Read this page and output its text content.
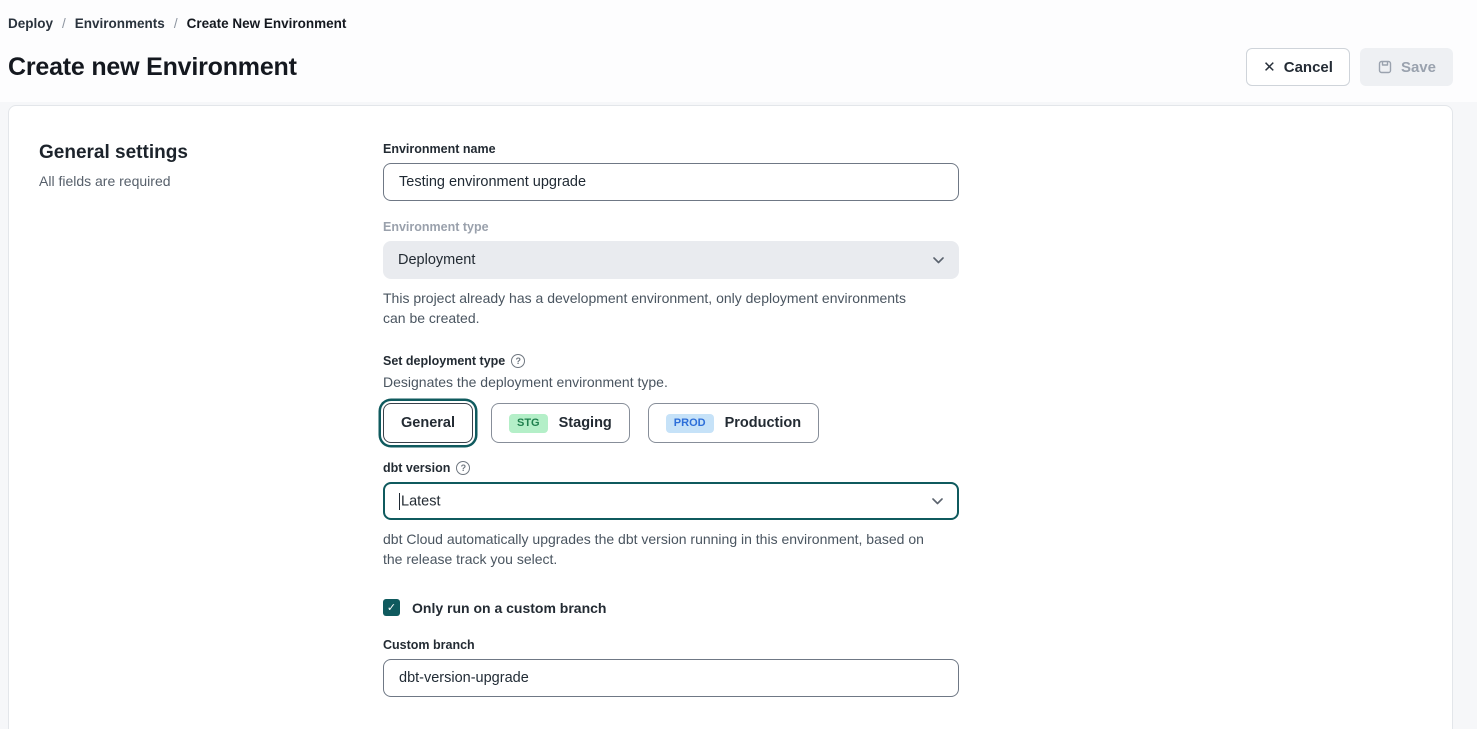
Deploy / Environments / Create New Environment
Create new Environment	✕ Cancel	Save
General settings
All fields are required
Environment name
Testing environment upgrade
Environment type
Deployment
This project already has a development environment, only deployment environments can be created.
Set deployment type	?
Designates the deployment environment type.
General	STG	Staging	PROD	Production
dbt version	?
Latest
dbt Cloud automatically upgrades the dbt version running in this environment, based on the release track you select.
✓ Only run on a custom branch
Custom branch
dbt-version-upgrade
